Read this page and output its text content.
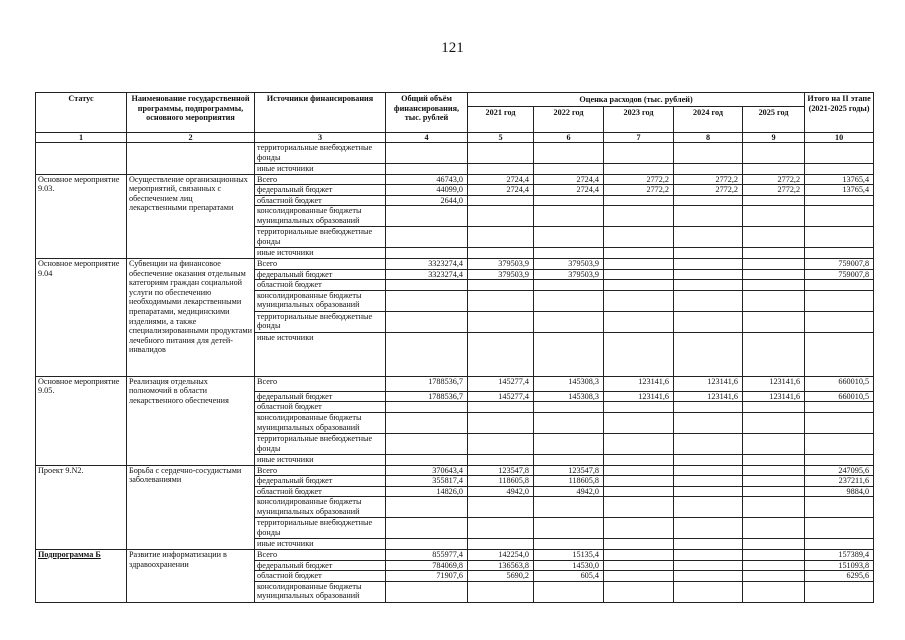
121
Статус	Наименование государственной программы, подпрограммы, основного мероприятия	Источники финансирования	Общий объём финансирования, тыс. рублей	Оценка расходов (тыс. рублей)					Итого на II этапе (2021-2025 годы)
				2021 год	2022 год	2023 год	2024 год	2025 год	
1	2	3	4	5	6	7	8	9	10
		территориальные внебюджетные фонды							
		иные источники							
Основное мероприятие 9.03.	Осуществление организационных мероприятий, связанных с обеспечением лиц лекарственными препаратами	Всего	46743,0	2724,4	2724,4	2772,2	2772,2	2772,2	13765,4
		федеральный бюджет	44099,0	2724,4	2724,4	2772,2	2772,2	2772,2	13765,4
		областной бюджет	2644,0						
		консолидированные бюджеты муниципальных образований							
		территориальные внебюджетные фонды							
		иные источники							
Основное мероприятие 9.04	Субвенции на финансовое обеспечение оказания отдельным категориям граждан социальной услуги по обеспечению необходимыми лекарственными препаратами, медицинскими изделиями, а также специализированными продуктами лечебного питания для детей-инвалидов	Всего	3323274,4	379503,9	379503,9				759007,8
		федеральный бюджет	3323274,4	379503,9	379503,9				759007,8
		областной бюджет							
		консолидированные бюджеты муниципальных образований							
		территориальные внебюджетные фонды							
		иные источники							
Основное мероприятие 9.05.	Реализация отдельных полномочий в области лекарственного обеспечения	Всего	1788536,7	145277,4	145308,3	123141,6	123141,6	123141,6	660010,5
		федеральный бюджет	1788536,7	145277,4	145308,3	123141,6	123141,6	123141,6	660010,5
		областной бюджет							
		консолидированные бюджеты муниципальных образований							
		территориальные внебюджетные фонды							
		иные источники							
Проект 9.N2.	Борьба с сердечно-сосудистыми заболеваниями	Всего	370643,4	123547,8	123547,8				247095,6
		федеральный бюджет	355817,4	118605,8	118605,8				237211,6
		областной бюджет	14826,0	4942,0	4942,0				9884,0
		консолидированные бюджеты муниципальных образований							
		территориальные внебюджетные фонды							
		иные источники							
Подпрограмма Б	Развитие информатизации в здравоохранении	Всего	855977,4	142254,0	15135,4				157389,4
		федеральный бюджет	784069,8	136563,8	14530,0				151093,8
		областной бюджет	71907,6	5690,2	605,4				6295,6
		консолидированные бюджеты муниципальных образований							
